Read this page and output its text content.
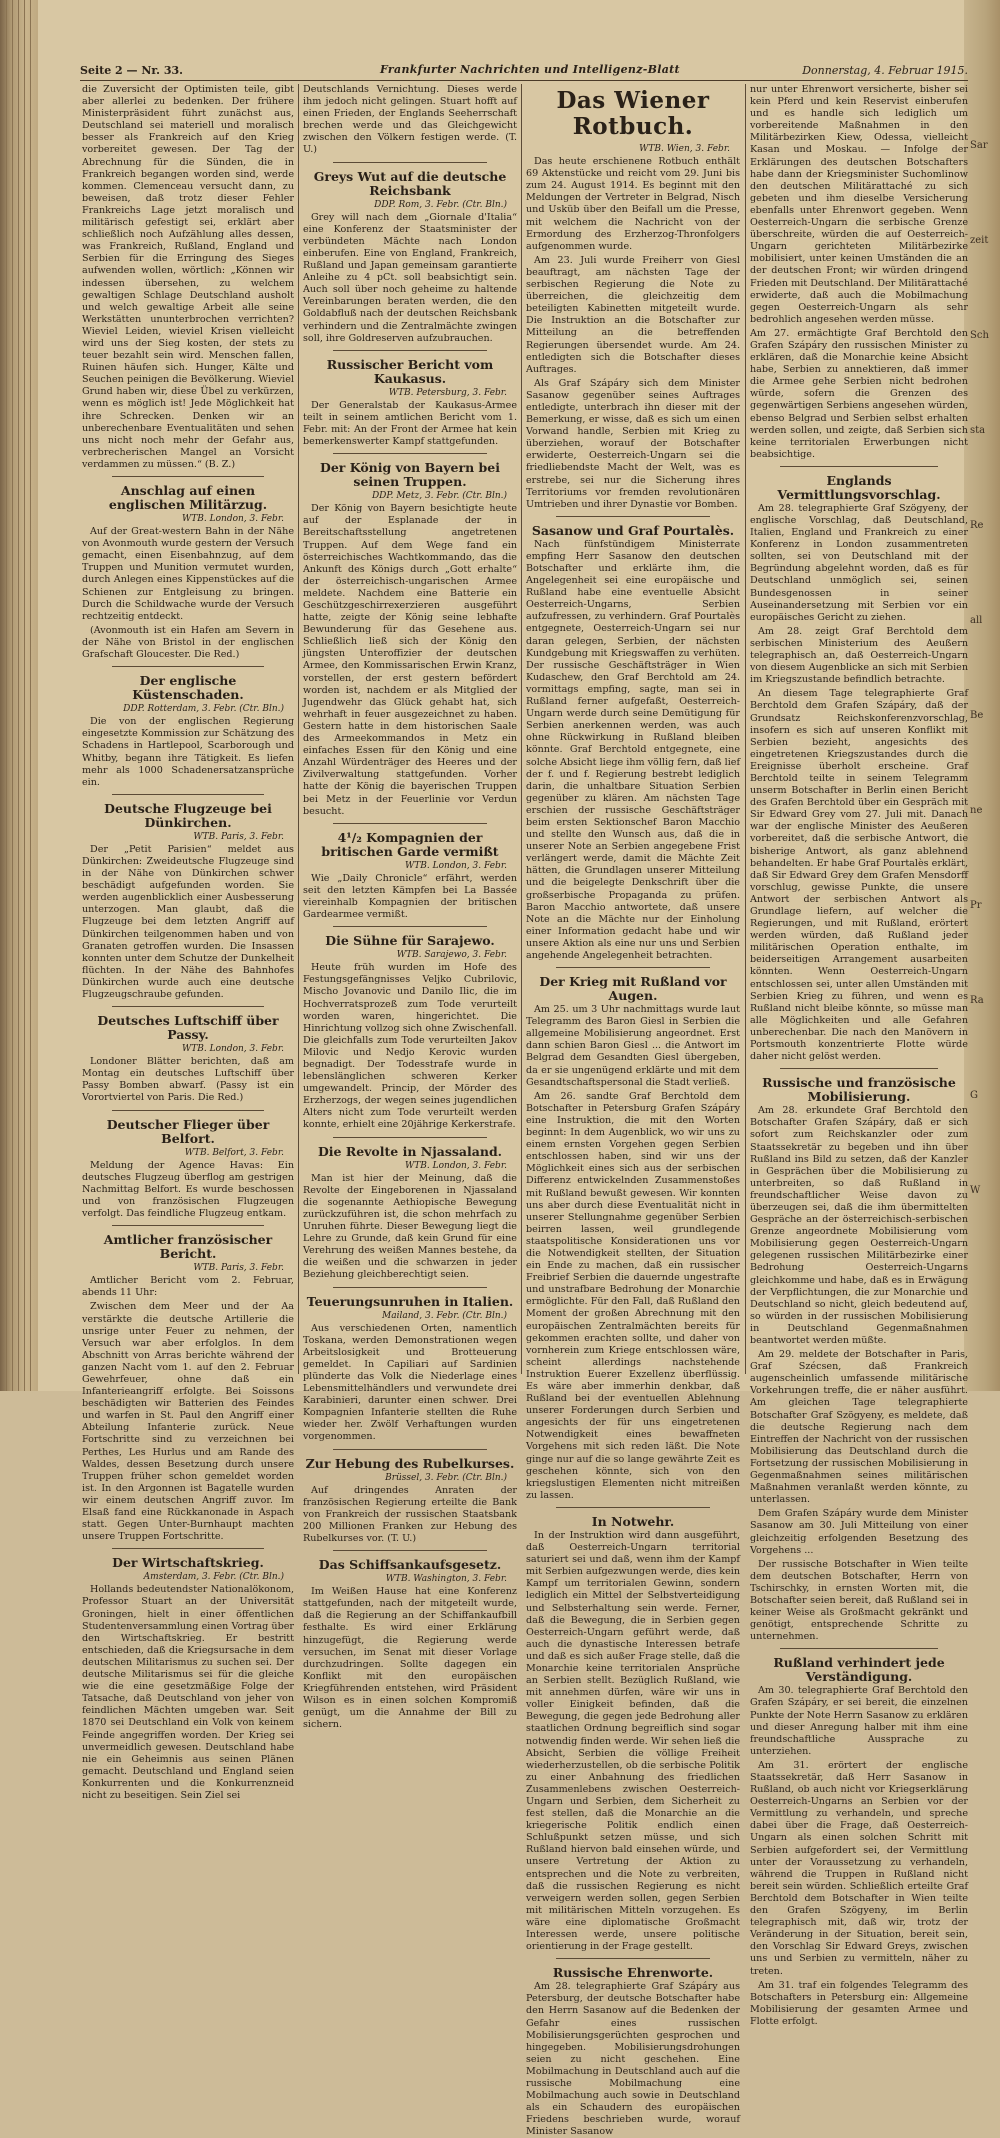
Sar
zeit
Sch
sta
Re
all
Be
ne
Pr
Ra
G
W
Seite 2 — Nr. 33.	Frankfurter Nachrichten und Intelligenz-Blatt	Donnerstag, 4. Februar 1915.

die Zuversicht der Optimisten teile, gibt aber allerlei zu bedenken. Der frühere Ministerpräsident führt zunächst aus, Deutschland sei materiell und moralisch besser als Frankreich auf den Krieg vorbereitet gewesen. Der Tag der Abrechnung für die Sünden, die in Frankreich begangen worden sind, werde kommen. Clemenceau versucht dann, zu beweisen, daß trotz dieser Fehler Frankreichs Lage jetzt moralisch und militärisch gefestigt sei, erklärt aber schließlich noch Aufzählung alles dessen, was Frankreich, Rußland, England und Serbien für die Erringung des Sieges aufwenden wollen, wörtlich: „Können wir indessen übersehen, zu welchem gewaltigen Schlage Deutschland ausholt und welch gewaltige Arbeit alle seine Werkstätten ununterbrochen verrichten? Wieviel Leiden, wieviel Krisen vielleicht wird uns der Sieg kosten, der stets zu teuer bezahlt sein wird. Menschen fallen, Ruinen häufen sich. Hunger, Kälte und Seuchen peinigen die Bevölkerung. Wieviel Grund haben wir, diese Übel zu verkürzen, wenn es möglich ist! Jede Möglichkeit hat ihre Schrecken. Denken wir an unberechenbare Eventualitäten und sehen uns nicht noch mehr der Gefahr aus, verbrecherischen Mangel an Vorsicht verdammen zu müssen.“ (B. Z.)

Anschlag auf einen englischen Militärzug.
WTB. London, 3. Febr.

Auf der Great-western Bahn in der Nähe von Avonmouth wurde gestern der Versuch gemacht, einen Eisenbahnzug, auf dem Truppen und Munition vermutet wurden, durch Anlegen eines Kippenstückes auf die Schienen zur Entgleisung zu bringen. Durch die Schildwache wurde der Versuch rechtzeitig entdeckt.

(Avonmouth ist ein Hafen am Severn in der Nähe von Bristol in der englischen Grafschaft Gloucester. Die Red.)

Der englische Küstenschaden.
DDP. Rotterdam, 3. Febr. (Ctr. Bln.)

Die von der englischen Regierung eingesetzte Kommission zur Schätzung des Schadens in Hartlepool, Scarborough und Whitby, begann ihre Tätigkeit. Es liefen mehr als 1000 Schadenersatzansprüche ein.

Deutsche Flugzeuge bei Dünkirchen.
WTB. Paris, 3. Febr.

Der „Petit Parisien“ meldet aus Dünkirchen: Zweideutsche Flugzeuge sind in der Nähe von Dünkirchen schwer beschädigt aufgefunden worden. Sie werden augenblicklich einer Ausbesserung unterzogen. Man glaubt, daß die Flugzeuge bei dem letzten Angriff auf Dünkirchen teilgenommen haben und von Granaten getroffen wurden. Die Insassen konnten unter dem Schutze der Dunkelheit flüchten. In der Nähe des Bahnhofes Dünkirchen wurde auch eine deutsche Flugzeugschraube gefunden.

Deutsches Luftschiff über Passy.
WTB. London, 3. Febr.

Londoner Blätter berichten, daß am Montag ein deutsches Luftschiff über Passy Bomben abwarf. (Passy ist ein Vorortviertel von Paris. Die Red.)

Deutscher Flieger über Belfort.
WTB. Belfort, 3. Febr.

Meldung der Agence Havas: Ein deutsches Flugzeug überflog am gestrigen Nachmittag Belfort. Es wurde beschossen und von französischen Flugzeugen verfolgt. Das feindliche Flugzeug entkam.

Amtlicher französischer Bericht.
WTB. Paris, 3. Febr.

Amtlicher Bericht vom 2. Februar, abends 11 Uhr:

Zwischen dem Meer und der Aa verstärkte die deutsche Artillerie die unsrige unter Feuer zu nehmen, der Versuch war aber erfolglos. In dem Abschnitt von Arras berichte während der ganzen Nacht vom 1. auf den 2. Februar Gewehrfeuer, ohne daß ein Infanterieangriff erfolgte. Bei Soissons beschädigten wir Batterien des Feindes und warfen in St. Paul den Angriff einer Abteilung Infanterie zurück. Neue Fortschritte sind zu verzeichnen bei Perthes, Les Hurlus und am Rande des Waldes, dessen Besetzung durch unsere Truppen früher schon gemeldet worden ist. In den Argonnen ist Bagatelle wurden wir einem deutschen Angriff zuvor. Im Elsaß fand eine Rückkanonade in Aspach statt. Gegen Unter-Burnhaupt machten unsere Truppen Fortschritte.

Der Wirtschaftskrieg.
Amsterdam, 3. Febr. (Ctr. Bln.)

Hollands bedeutendster Nationalökonom, Professor Stuart an der Universität Groningen, hielt in einer öffentlichen Studentenversammlung einen Vortrag über den Wirtschaftskrieg. Er bestritt entschieden, daß die Kriegsursache in dem deutschen Militarismus zu suchen sei. Der deutsche Militarismus sei für die gleiche wie die eine gesetzmäßige Folge der Tatsache, daß Deutschland von jeher von feindlichen Mächten umgeben war. Seit 1870 sei Deutschland ein Volk von keinem Feinde angegriffen worden. Der Krieg sei unvermeidlich gewesen. Deutschland habe nie ein Geheimnis aus seinen Plänen gemacht. Deutschland und England seien Konkurrenten und die Konkurrenzneid nicht zu beseitigen. Sein Ziel sei

Deutschlands Vernichtung. Dieses werde ihm jedoch nicht gelingen. Stuart hofft auf einen Frieden, der Englands Seeherrschaft brechen werde und das Gleichgewicht zwischen den Völkern festigen werde. (T. U.)

Greys Wut auf die deutsche Reichsbank
DDP. Rom, 3. Febr. (Ctr. Bln.)

Grey will nach dem „Giornale d'Italia“ eine Konferenz der Staatsminister der verbündeten Mächte nach London einberufen. Eine von England, Frankreich, Rußland und Japan gemeinsam garantierte Anleihe zu 4 pCt. soll beabsichtigt sein. Auch soll über noch geheime zu haltende Vereinbarungen beraten werden, die den Goldabfluß nach der deutschen Reichsbank verhindern und die Zentralmächte zwingen soll, ihre Goldreserven aufzubrauchen.

Russischer Bericht vom Kaukasus.
WTB. Petersburg, 3. Febr.

Der Generalstab der Kaukasus-Armee teilt in seinem amtlichen Bericht vom 1. Febr. mit: An der Front der Armee hat kein bemerkenswerter Kampf stattgefunden.

Der König von Bayern bei seinen Truppen.
DDP. Metz, 3. Febr. (Ctr. Bln.)

Der König von Bayern besichtigte heute auf der Esplanade der in Bereitschaftsstellung angetretenen Truppen. Auf dem Wege fand ein österreichisches Wachtkommando, das die Ankunft des Königs durch „Gott erhalte“ der österreichisch-ungarischen Armee meldete. Nachdem eine Batterie ein Geschützgeschirrexerzieren ausgeführt hatte, zeigte der König seine lebhafte Bewunderung für das Gesehene aus. Schließlich ließ sich der König den jüngsten Unteroffizier der deutschen Armee, den Kommissarischen Erwin Kranz, vorstellen, der erst gestern befördert worden ist, nachdem er als Mitglied der Jugendwehr das Glück gehabt hat, sich wehrhaft in feuer ausgezeichnet zu haben. Gestern hatte in dem historischen Saale des Armeekommandos in Metz ein einfaches Essen für den König und eine Anzahl Würdenträger des Heeres und der Zivilverwaltung stattgefunden. Vorher hatte der König die bayerischen Truppen bei Metz in der Feuerlinie vor Verdun besucht.

4¹/₂ Kompagnien der britischen Garde vermißt
WTB. London, 3. Febr.

Wie „Daily Chronicle“ erfährt, werden seit den letzten Kämpfen bei La Bassée viereinhalb Kompagnien der britischen Gardearmee vermißt.

Die Sühne für Sarajewo.
WTB. Sarajewo, 3. Febr.

Heute früh wurden im Hofe des Festungsgefängnisses Veljko Cubrilovic, Mischo Jovanovic und Danilo Ilic, die im Hochverratsprozeß zum Tode verurteilt worden waren, hingerichtet. Die Hinrichtung vollzog sich ohne Zwischenfall. Die gleichfalls zum Tode verurteilten Jakov Milovic und Nedjo Kerovic wurden begnadigt. Der Todesstrafe wurde in lebenslänglichen schweren Kerker umgewandelt. Princip, der Mörder des Erzherzogs, der wegen seines jugendlichen Alters nicht zum Tode verurteilt werden konnte, erhielt eine 20jährige Kerkerstrafe.

Die Revolte in Njassaland.
WTB. London, 3. Febr.

Man ist hier der Meinung, daß die Revolte der Eingeborenen in Njassaland die sogenannte Aethiopische Bewegung zurückzuführen ist, die schon mehrfach zu Unruhen führte. Dieser Bewegung liegt die Lehre zu Grunde, daß kein Grund für eine Verehrung des weißen Mannes bestehe, da die weißen und die schwarzen in jeder Beziehung gleichberechtigt seien.

Teuerungsunruhen in Italien.
Mailand, 3. Febr. (Ctr. Bln.)

Aus verschiedenen Orten, namentlich Toskana, werden Demonstrationen wegen Arbeitslosigkeit und Brotteuerung gemeldet. In Capiliari auf Sardinien plünderte das Volk die Niederlage eines Lebensmittelhändlers und verwundete drei Karabinieri, darunter einen schwer. Drei Kompagnien Infanterie stellten die Ruhe wieder her. Zwölf Verhaftungen wurden vorgenommen.

Zur Hebung des Rubelkurses.
Brüssel, 3. Febr. (Ctr. Bln.)

Auf dringendes Anraten der französischen Regierung erteilte die Bank von Frankreich der russischen Staatsbank 200 Millionen Franken zur Hebung des Rubelkurses vor. (T. U.)

Das Schiffsankaufsgesetz.
WTB. Washington, 3. Febr.

Im Weißen Hause hat eine Konferenz stattgefunden, nach der mitgeteilt wurde, daß die Regierung an der Schiffankaufbill festhalte. Es wird einer Erklärung hinzugefügt, die Regierung werde versuchen, im Senat mit dieser Vorlage durchzudringen. Sollte dagegen ein Konflikt mit den europäischen Kriegführenden entstehen, wird Präsident Wilson es in einen solchen Kompromiß genügt, um die Annahme der Bill zu sichern.

Das Wiener Rotbuch.
WTB. Wien, 3. Febr.

Das heute erschienene Rotbuch enthält 69 Aktenstücke und reicht vom 29. Juni bis zum 24. August 1914. Es beginnt mit den Meldungen der Vertreter in Belgrad, Nisch und Usküb über den Beifall um die Presse, mit welchem die Nachricht von der Ermordung des Erzherzog-Thronfolgers aufgenommen wurde.

Am 23. Juli wurde Freiherr von Giesl beauftragt, am nächsten Tage der serbischen Regierung die Note zu überreichen, die gleichzeitig dem beteiligten Kabinetten mitgeteilt wurde. Die Instruktion an die Botschafter zur Mitteilung an die betreffenden Regierungen übersendet wurde. Am 24. entledigten sich die Botschafter dieses Auftrages.

Als Graf Szápáry sich dem Minister Sasanow gegenüber seines Auftrages entledigte, unterbrach ihn dieser mit der Bemerkung, er wisse, daß es sich um einen Vorwand handle, Serbien mit Krieg zu überziehen, worauf der Botschafter erwiderte, Oesterreich-Ungarn sei die friedliebendste Macht der Welt, was es erstrebe, sei nur die Sicherung ihres Territoriums vor fremden revolutionären Umtrieben und ihrer Dynastie vor Bomben.

Sasanow und Graf Pourtalès.

Nach fünfstündigem Ministerrate empfing Herr Sasanow den deutschen Botschafter und erklärte ihm, die Angelegenheit sei eine europäische und Rußland habe eine eventuelle Absicht Oesterreich-Ungarns, Serbien aufzufressen, zu verhindern. Graf Pourtalès entgegnete, Oesterreich-Ungarn sei nur daran gelegen, Serbien, der nächsten Kundgebung mit Kriegswaffen zu verhüten. Der russische Geschäftsträger in Wien Kudaschew, den Graf Berchtold am 24. vormittags empfing, sagte, man sei in Rußland ferner aufgefaßt, Oesterreich-Ungarn werde durch seine Demütigung für Serbien anerkennen werden, was auch ohne Rückwirkung in Rußland bleiben könnte. Graf Berchtold entgegnete, eine solche Absicht liege ihm völlig fern, daß lief der f. und f. Regierung bestrebt lediglich darin, die unhaltbare Situation Serbien gegenüber zu klären. Am nächsten Tage erschien der russische Geschäftsträger beim ersten Sektionschef Baron Macchio und stellte den Wunsch aus, daß die in unserer Note an Serbien angegebene Frist verlängert werde, damit die Mächte Zeit hätten, die Grundlagen unserer Mitteilung und die beigelegte Denkschrift über die großserbische Propaganda zu prüfen. Baron Macchio antwortete, daß unsere Note an die Mächte nur der Einholung einer Information gedacht habe und wir unsere Aktion als eine nur uns und Serbien angehende Angelegenheit betrachten.

Der Krieg mit Rußland vor Augen.

Am 25. um 3 Uhr nachmittags wurde laut Telegramm des Baron Giesl in Serbien die allgemeine Mobilisierung angeordnet. Erst dann schien Baron Giesl ... die Antwort im Belgrad dem Gesandten Giesl übergeben, da er sie ungenügend erklärte und mit dem Gesandtschaftspersonal die Stadt verließ.

Am 26. sandte Graf Berchtold dem Botschafter in Petersburg Grafen Szápáry eine Instruktion, die mit den Worten beginnt: In dem Augenblick, wo wir uns zu einem ernsten Vorgehen gegen Serbien entschlossen haben, sind wir uns der Möglichkeit eines sich aus der serbischen Differenz entwickelnden Zusammenstoßes mit Rußland bewußt gewesen. Wir konnten uns aber durch diese Eventualität nicht in unserer Stellungnahme gegenüber Serbien beirren lassen, weil grundlegende staatspolitische Konsiderationen uns vor die Notwendigkeit stellten, der Situation ein Ende zu machen, daß ein russischer Freibrief Serbien die dauernde ungestrafte und unstrafbare Bedrohung der Monarchie ermöglichte. Für den Fall, daß Rußland den Moment der großen Abrechnung mit den europäischen Zentralmächten bereits für gekommen erachten sollte, und daher von vornherein zum Kriege entschlossen wäre, scheint allerdings nachstehende Instruktion Euerer Exzellenz überflüssig. Es wäre aber immerhin denkbar, daß Rußland bei der eventuellen Ablehnung unserer Forderungen durch Serbien und angesichts der für uns eingetretenen Notwendigkeit eines bewaffneten Vorgehens mit sich reden läßt. Die Note ginge nur auf die so lange gewährte Zeit es geschehen könnte, sich von den kriegslustigen Elementen nicht mitreißen zu lassen.

In Notwehr.

In der Instruktion wird dann ausgeführt, daß Oesterreich-Ungarn territorial saturiert sei und daß, wenn ihm der Kampf mit Serbien aufgezwungen werde, dies kein Kampf um territorialen Gewinn, sondern lediglich ein Mittel der Selbstverteidigung und Selbsterhaltung sein werde. Ferner, daß die Bewegung, die in Serbien gegen Oesterreich-Ungarn geführt werde, daß auch die dynastische Interessen betrafe und daß es sich außer Frage stelle, daß die Monarchie keine territorialen Ansprüche an Serbien stellt. Bezüglich Rußland, wie mit annehmen dürfen, wäre wir uns in voller Einigkeit befinden, daß die Bewegung, die gegen jede Bedrohung aller staatlichen Ordnung begreiflich sind sogar notwendig finden werde. Wir sehen ließ die Absicht, Serbien die völlige Freiheit wiederherzustellen, ob die serbische Politik zu einer Anbahnung des friedlichen Zusammenlebens zwischen Oesterreich-Ungarn und Serbien, dem Sicherheit zu fest stellen, daß die Monarchie an die kriegerische Politik endlich einen Schlußpunkt setzen müsse, und sich Rußland hiervon bald einsehen würde, und unsere Vertretung der Aktion zu entsprechen und die Note zu verbreiten, daß die russischen Regierung es nicht verweigern werden sollen, gegen Serbien mit militärischen Mitteln vorzugehen. Es wäre eine diplomatische Großmacht Interessen werde, unsere politische orientierung in der Frage gestellt.

Russische Ehrenworte.

Am 28. telegraphierte Graf Szápáry aus Petersburg, der deutsche Botschafter habe den Herrn Sasanow auf die Bedenken der Gefahr eines russischen Mobilisierungsgerüchten gesprochen und hingegeben. Mobilisierungsdrohungen seien zu nicht geschehen. Eine Mobilmachung in Deutschland auch auf die russische Mobilmachung eine Mobilmachung auch sowie in Deutschland als ein Schaudern des europäischen Friedens beschrieben wurde, worauf Minister Sasanow

nur unter Ehrenwort versicherte, bisher sei kein Pferd und kein Reservist einberufen und es handle sich lediglich um vorbereitende Maßnahmen in den Militärbezirken Kiew, Odessa, vielleicht Kasan und Moskau. — Infolge der Erklärungen des deutschen Botschafters habe dann der Kriegsminister Suchomlinow den deutschen Militärattaché zu sich gebeten und ihm dieselbe Versicherung ebenfalls unter Ehrenwort gegeben. Wenn Oesterreich-Ungarn die serbische Grenze überschreite, würden die auf Oesterreich-Ungarn gerichteten Militärbezirke mobilisiert, unter keinen Umständen die an der deutschen Front; wir würden dringend Frieden mit Deutschland. Der Militärattaché erwiderte, daß auch die Mobilmachung gegen Oesterreich-Ungarn als sehr bedrohlich angesehen werden müsse.

Am 27. ermächtigte Graf Berchtold den Grafen Szápáry den russischen Minister zu erklären, daß die Monarchie keine Absicht habe, Serbien zu annektieren, daß immer die Armee gehe Serbien nicht bedrohen würde, sofern die Grenzen des gegenwärtigen Serbiens angesehen würden, ebenso Belgrad und Serbien selbst erhalten werden sollen, und zeigte, daß Serbien sich keine territorialen Erwerbungen nicht beabsichtige.

Englands Vermittlungsvorschlag.

Am 28. telegraphierte Graf Szögyeny, der englische Vorschlag, daß Deutschland, Italien, England und Frankreich zu einer Konferenz in London zusammentreten sollten, sei von Deutschland mit der Begründung abgelehnt worden, daß es für Deutschland unmöglich sei, seinen Bundesgenossen in seiner Auseinandersetzung mit Serbien vor ein europäisches Gericht zu ziehen.

Am 28. zeigt Graf Berchtold dem serbischen Ministerium des Aeußern telegraphisch an, daß Oesterreich-Ungarn von diesem Augenblicke an sich mit Serbien im Kriegszustande befindlich betrachte.

An diesem Tage telegraphierte Graf Berchtold dem Grafen Szápáry, daß der Grundsatz Reichskonferenzvorschlag, insofern es sich auf unseren Konflikt mit Serbien bezieht, angesichts des eingetretenen Kriegszustandes durch die Ereignisse überholt erscheine. Graf Berchtold teilte in seinem Telegramm unserm Botschafter in Berlin einen Bericht des Grafen Berchtold über ein Gespräch mit Sir Edward Grey vom 27. Juli mit. Danach war der englische Minister des Aeußeren vorbereitet, daß die serbische Antwort, die bisherige Antwort, als ganz ablehnend behandelten. Er habe Graf Pourtalès erklärt, daß Sir Edward Grey dem Grafen Mensdorff vorschlug, gewisse Punkte, die unsere Antwort der serbischen Antwort als Grundlage liefern, auf welcher die Regierungen, und mit Rußland, erörtert werden würden, daß Rußland jeder militärischen Operation enthalte, im beiderseitigen Arrangement ausarbeiten könnten. Wenn Oesterreich-Ungarn entschlossen sei, unter allen Umständen mit Serbien Krieg zu führen, und wenn es Rußland nicht bleibe könnte, so müsse man alle Möglichkeiten und alle Gefahren unberechenbar. Die nach den Manövern in Portsmouth konzentrierte Flotte würde daher nicht gelöst werden.

Russische und französische Mobilisierung.

Am 28. erkundete Graf Berchtold den Botschafter Grafen Szápáry, daß er sich sofort zum Reichskanzler oder zum Staatssekretär zu begeben und ihn über Rußland ins Bild zu setzen, daß der Kanzler in Gesprächen über die Mobilisierung zu unterbreiten, so daß Rußland in freundschaftlicher Weise davon zu überzeugen sei, daß die ihm übermittelten Gespräche an der österreichisch-serbischen Grenze angeordnete Mobilisierung vom Mobilisierung gegen Oesterreich-Ungarn gelegenen russischen Militärbezirke einer Bedrohung Oesterreich-Ungarns gleichkomme und habe, daß es in Erwägung der Verpflichtungen, die zur Monarchie und Deutschland so nicht, gleich bedeutend auf, so würden in der russischen Mobilisierung in Deutschland Gegenmaßnahmen beantwortet werden müßte.

Am 29. meldete der Botschafter in Paris, Graf Szécsen, daß Frankreich augenscheinlich umfassende militärische Vorkehrungen treffe, die er näher ausführt. Am gleichen Tage telegraphierte Botschafter Graf Szögyeny, es meldete, daß die deutsche Regierung nach dem Eintreffen der Nachricht von der russischen Mobilisierung das Deutschland durch die Fortsetzung der russischen Mobilisierung in Gegenmaßnahmen seines militärischen Maßnahmen veranlaßt werden könnte, zu unterlassen.

Dem Grafen Szápáry wurde dem Minister Sasanow am 30. Juli Mitteilung von einer gleichzeitig erfolgenden Besetzung des Vorgehens ...

Der russische Botschafter in Wien teilte dem deutschen Botschafter, Herrn von Tschirschky, in ernsten Worten mit, die Botschafter seien bereit, daß Rußland sei in keiner Weise als Großmacht gekränkt und genötigt, entsprechende Schritte zu unternehmen.

Rußland verhindert jede Verständigung.

Am 30. telegraphierte Graf Berchtold den Grafen Szápáry, er sei bereit, die einzelnen Punkte der Note Herrn Sasanow zu erklären und dieser Anregung halber mit ihm eine freundschaftliche Aussprache zu unterziehen.

Am 31. erörtert der englische Staatssekretär, daß Herr Sasanow in Rußland, ob auch nicht vor Kriegserklärung Oesterreich-Ungarns an Serbien vor der Vermittlung zu verhandeln, und spreche dabei über die Frage, daß Oesterreich-Ungarn als einen solchen Schritt mit Serbien aufgefordert sei, der Vermittlung unter der Voraussetzung zu verhandeln, während die Truppen in Rußland nicht bereit sein würden. Schließlich erteilte Graf Berchtold dem Botschafter in Wien teilte den Grafen Szögyeny, im Berlin telegraphisch mit, daß wir, trotz der Veränderung in der Situation, bereit sein, den Vorschlag Sir Edward Greys, zwischen uns und Serbien zu vermitteln, näher zu treten.

Am 31. traf ein folgendes Telegramm des Botschafters in Petersburg ein: Allgemeine Mobilisierung der gesamten Armee und Flotte erfolgt.
